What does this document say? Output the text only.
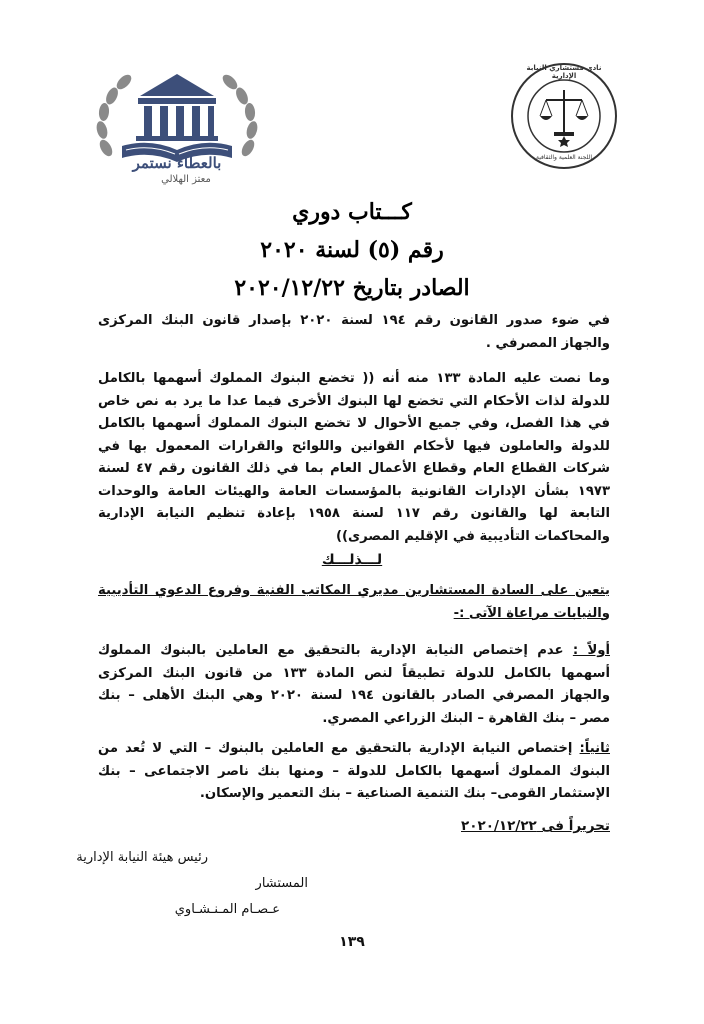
بالعطاء نستمر
معتز الهلالي
نادي مستشاري النيابة الإدارية
اللجنة العلمية والثقافية
كـــتاب دوري
رقم (٥) لسنة ٢٠٢٠
الصادر بتاريخ ٢٠٢٠/١٢/٢٢
في ضوء صدور القانون رقم ١٩٤ لسنة ٢٠٢٠ بإصدار قانون البنك المركزى والجهاز المصرفي .
وما نصت عليه المادة ١٣٣ منه أنه (( تخضع البنوك المملوك أسهمها بالكامل للدولة لذات الأحكام التي تخضع لها البنوك الأخرى فيما عدا ما يرد به نص خاص في هذا الفصل، وفي جميع الأحوال لا تخضع البنوك المملوك أسهمها بالكامل للدولة والعاملون فيها لأحكام القوانين واللوائح والقرارات المعمول بها في شركات القطاع العام وقطاع الأعمال العام بما في ذلك القانون رقم ٤٧ لسنة ١٩٧٣ بشأن الإدارات القانونية بالمؤسسات العامة والهيئات العامة والوحدات التابعة لها والقانون رقم ١١٧ لسنة ١٩٥٨ بإعادة تنظيم النيابة الإدارية والمحاكمات التأديبية في الإقليم المصرى))
لـــذلـــك
يتعين على السادة المستشارين مديري المكاتب الفنية وفروع الدعوي التأديبية والنيابات مراعاة الآتى :-
أولاً : عدم إختصاص النيابة الإدارية بالتحقيق مع العاملين بالبنوك المملوك أسهمها بالكامل للدولة تطبيقاً لنص المادة ١٣٣ من قانون البنك المركزى والجهاز المصرفي الصادر بالقانون ١٩٤ لسنة ٢٠٢٠ وهي البنك الأهلى – بنك مصر – بنك القاهرة – البنك الزراعي المصري.
ثانياً: إختصاص النيابة الإدارية بالتحقيق مع العاملين بالبنوك – التي لا تُعد من البنوك المملوك أسهمها بالكامل للدولة – ومنها بنك ناصر الاجتماعى – بنك الإستثمار القومى– بنك التنمية الصناعية – بنك التعمير والإسكان.
تحريراً فى ٢٠٢٠/١٢/٢٢
رئيس هيئة النيابة الإدارية
المستشار
عـصـام المـنـشـاوي
١٣٩
